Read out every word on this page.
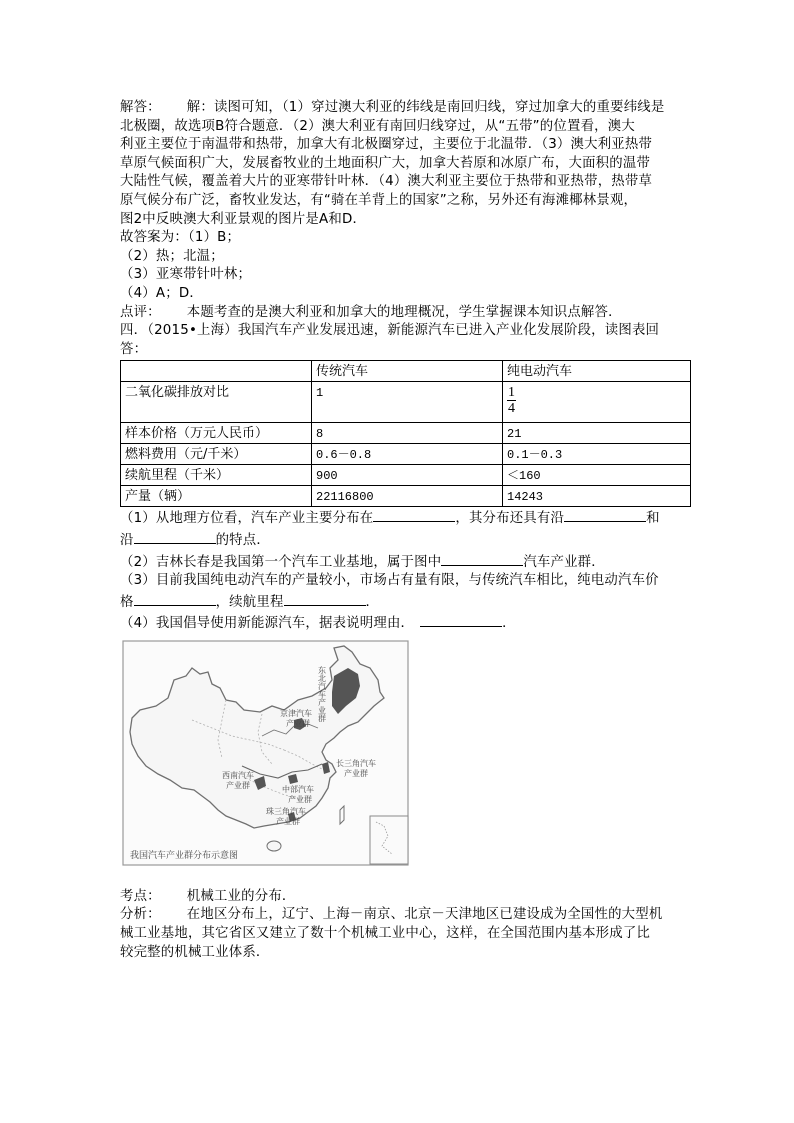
解答： 解：读图可知，（1）穿过澳大利亚的纬线是南回归线，穿过加拿大的重要纬线是

北极圈，故选项B符合题意．（2）澳大利亚有南回归线穿过，从“五带”的位置看，澳大

利亚主要位于南温带和热带，加拿大有北极圈穿过，主要位于北温带．（3）澳大利亚热带

草原气候面积广大，发展畜牧业的土地面积广大，加拿大苔原和冰原广布，大面积的温带

大陆性气候，覆盖着大片的亚寒带针叶林．（4）澳大利亚主要位于热带和亚热带，热带草

原气候分布广泛，畜牧业发达，有“骑在羊背上的国家”之称，另外还有海滩椰林景观，

图2中反映澳大利亚景观的图片是A和D．

故答案为：（1）B；

（2）热；北温；

（3）亚寒带针叶林；

（4）A；D．

点评： 本题考查的是澳大利亚和加拿大的地理概况，学生掌握课本知识点解答．

四．（2015•上海）我国汽车产业发展迅速，新能源汽车已进入产业化发展阶段，读图表回

答：

	传统汽车	纯电动汽车
二氧化碳排放对比	1	$\frac{1}{4}$

样本价格（万元人民币）	8	21
燃料费用（元/千米）	0.6－0.8	0.1－0.3
续航里程（千米）	900	＜160
产量（辆）	22116800	14243

（1）从地理方位看，汽车产业主要分布在	，其分布还具有沿	和

沿	的特点．

（2）吉林长春是我国第一个汽车工业基地，属于图中	汽车产业群．

（3）目前我国纯电动汽车的产量较小，市场占有量有限，与传统汽车相比，纯电动汽车价

格	，续航里程	．

（4）我国倡导使用新能源汽车，据表说明理由．	．

东北汽车产业群
京津汽车
产业群
长三角汽车
产业群
西南汽车
产业群	中部汽车
产业群
珠三角汽车
产业群
我国汽车产业群分布示意图

考点： 机械工业的分布．

分析： 在地区分布上，辽宁、上海－南京、北京－天津地区已建设成为全国性的大型机

械工业基地，其它省区又建立了数十个机械工业中心，这样，在全国范围内基本形成了比

较完整的机械工业体系．
